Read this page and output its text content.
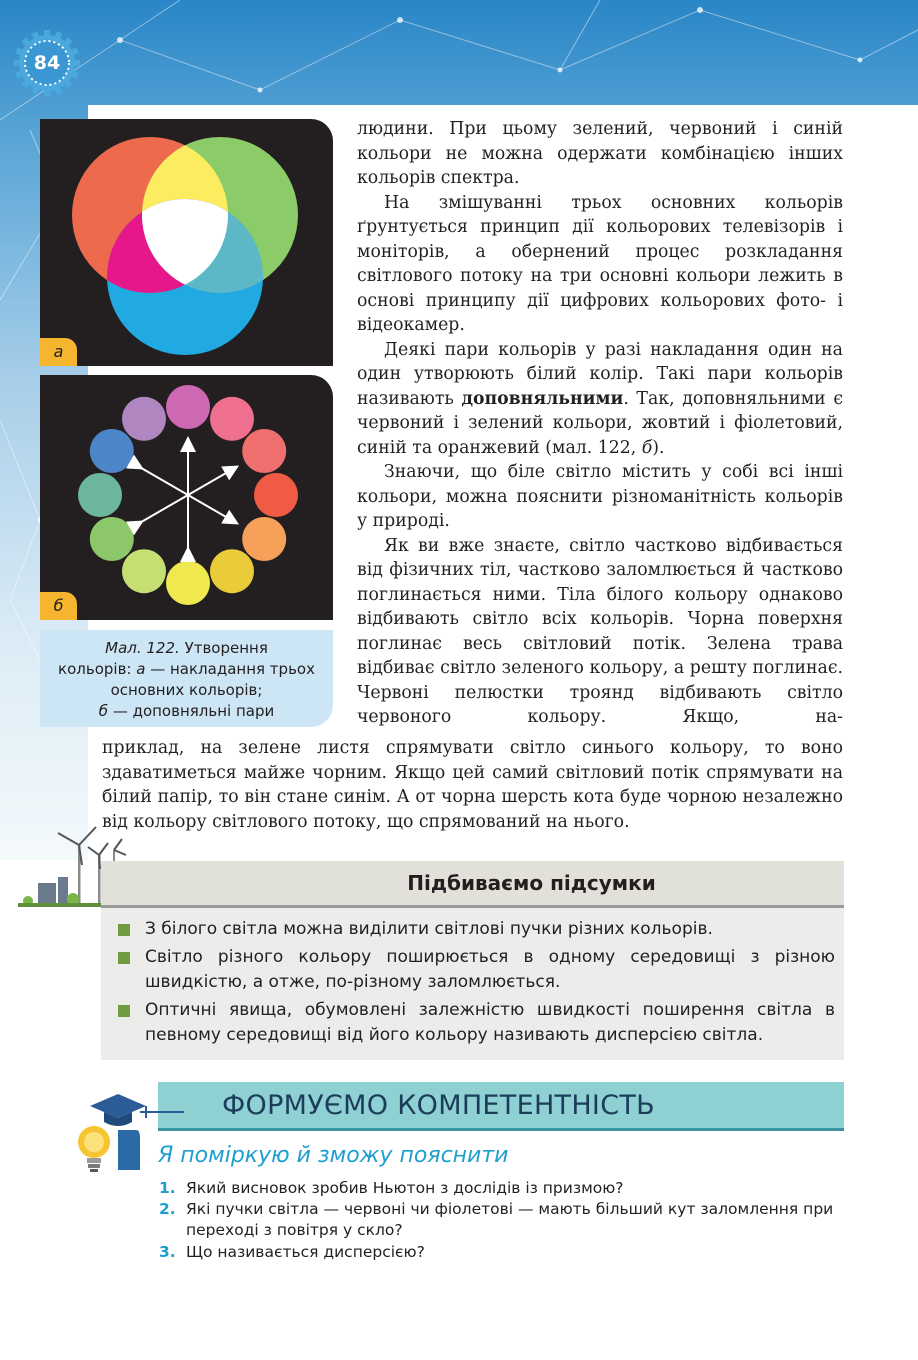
84
а
б
Мал. 122. Утворення
кольорів: а — накладання трьох основних кольорів;
б — доповняльні пари

людини. При цьому зелений, червоний і синій кольори не можна одержати комбінацією інших кольорів спектра.

На змішуванні трьох основних кольорів ґрунтується принцип дії кольорових телевізорів і моніторів, а обернений процес розкладання світлового потоку на три основні кольори лежить в основі принципу дії цифрових кольорових фото- і відеокамер.

Деякі пари кольорів у разі накладання один на один утворюють білий колір. Такі пари кольорів називають доповняльними. Так, доповняльними є червоний і зелений кольори, жовтий і фіолетовий, синій та оранжевий (мал. 122, б).

Знаючи, що біле світло містить у собі всі інші кольори, можна пояснити різноманітність кольорів у природі.

Як ви вже знаєте, світло частково відбивається від фізичних тіл, частково заломлюється й частково поглинається ними. Тіла білого кольору однаково відбивають світло всіх кольорів. Чорна поверхня поглинає весь світловий потік. Зелена трава відбиває світло зеленого кольору, а решту поглинає. Червоні пелюстки троянд відбивають світло червоного кольору. Якщо, на-

приклад, на зелене листя спрямувати світло синього кольору, то воно здаватиметься майже чорним. Якщо цей самий світловий потік спрямувати на білий папір, то він стане синім. А от чорна шерсть кота буде чорною незалежно від кольору світлового потоку, що спрямований на нього.

Підбиваємо підсумки
З білого світла можна виділити світлові пучки різних кольорів.
Світло різного кольору поширюється в одному середовищі з різною швидкістю, а отже, по-різному заломлюється.
Оптичні явища, обумовлені залежністю швидкості поширення світла в певному середовищі від його кольору називають дисперсією світла.
ФОРМУЄМО КОМПЕТЕНТНІСТЬ
Я поміркую й зможу пояснити
1. Який висновок зробив Ньютон з дослідів із призмою?
2. Які пучки світла — червоні чи фіолетові — мають більший кут заломлення при переході з повітря у скло?
3. Що називається дисперсією?
